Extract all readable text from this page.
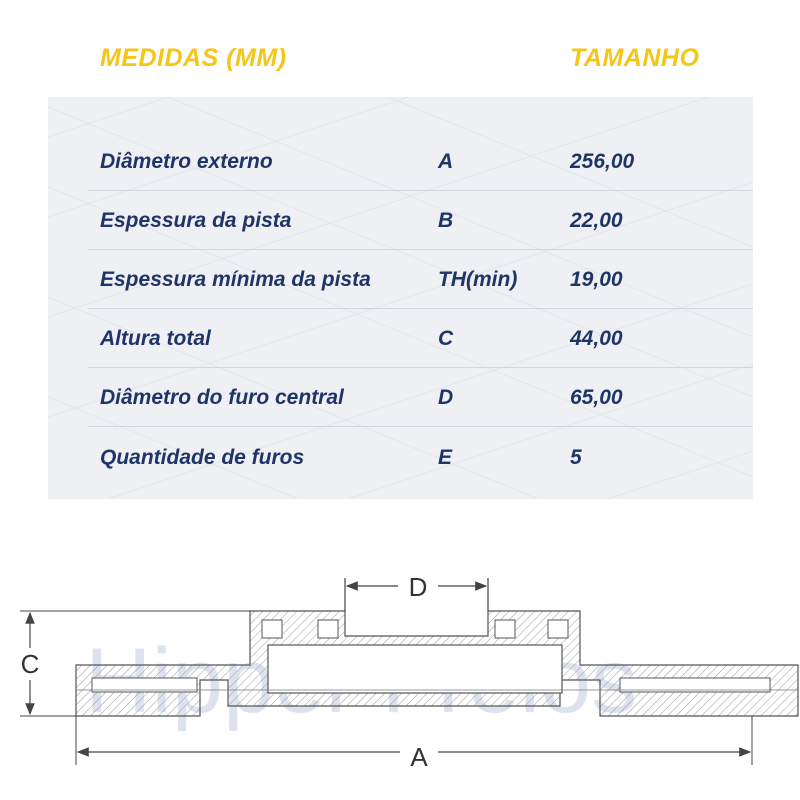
MEDIDAS (MM)	TAMANHO
Diâmetro externo	A	256,00
Espessura da pista	B	22,00
Espessura mínima da pista	TH(min)	19,00
Altura total	C	44,00
Diâmetro do furo central	D	65,00
Quantidade de furos	E	5
Hipper
D
C
A
